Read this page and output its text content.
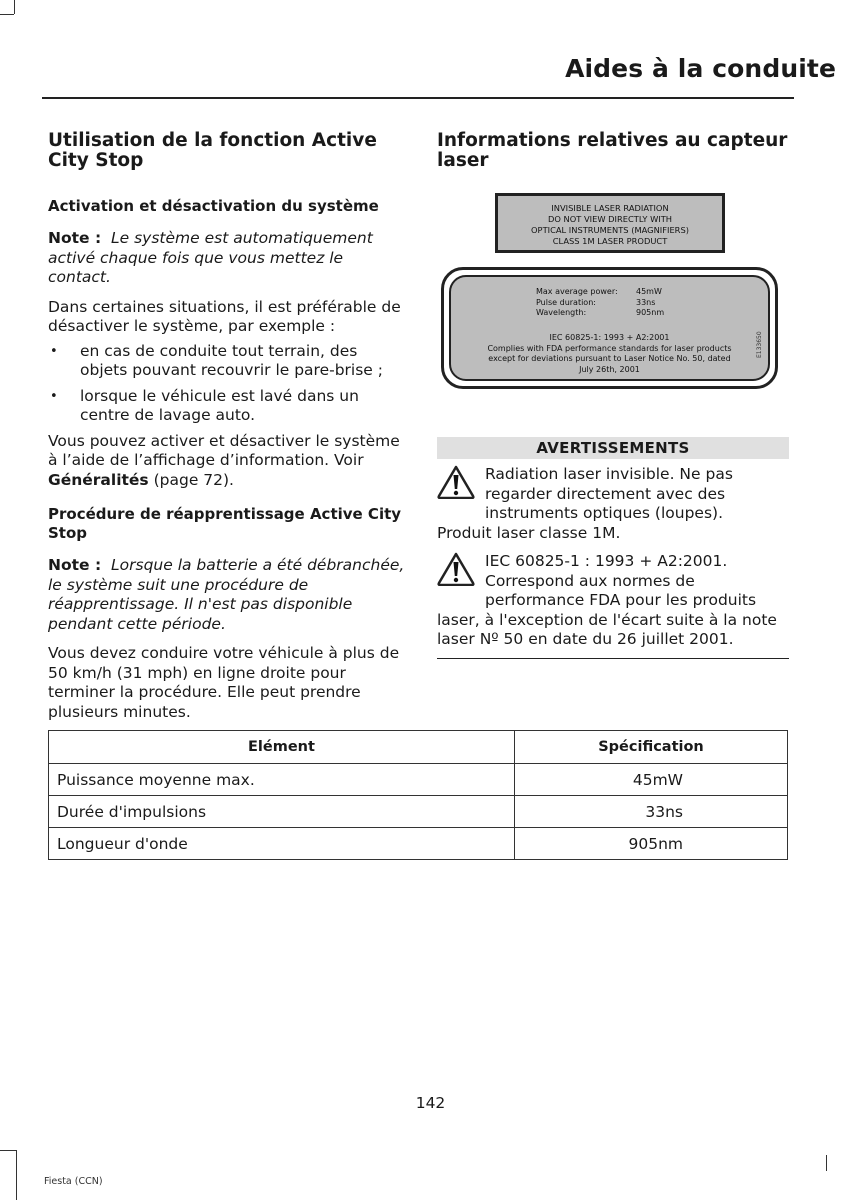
Aides à la conduite
Utilisation de la fonction Active City Stop
Activation et désactivation du système

Note : Le système est automatiquement activé chaque fois que vous mettez le contact.

Dans certaines situations, il est préférable de désactiver le système, par exemple :

• en cas de conduite tout terrain, des objets pouvant recouvrir le pare-brise ;
• lorsque le véhicule est lavé dans un centre de lavage auto.

Vous pouvez activer et désactiver le système à l’aide de l’affichage d’information. Voir Généralités (page 72).

Procédure de réapprentissage Active City Stop

Note : Lorsque la batterie a été débranchée, le système suit une procédure de réapprentissage. Il n'est pas disponible pendant cette période.

Vous devez conduire votre véhicule à plus de 50 km/h (31 mph) en ligne droite pour terminer la procédure. Elle peut prendre plusieurs minutes.

Informations relatives au capteur laser
INVISIBLE LASER RADIATION
DO NOT VIEW DIRECTLY WITH
OPTICAL INSTRUMENTS (MAGNIFIERS)
CLASS 1M LASER PRODUCT
Max average power:	45mW
Pulse duration:	33ns
Wavelength:	905nm
IEC 60825-1: 1993 + A2:2001
Complies with FDA performance standards for laser products
except for deviations pursuant to Laser Notice No. 50, dated
July 26th, 2001
E133650
AVERTISSEMENTS

Radiation laser invisible. Ne pas regarder directement avec des instruments optiques (loupes).
Produit laser classe 1M.

IEC 60825-1 : 1993 + A2:2001. Correspond aux normes de performance FDA pour les produits
laser, à l'exception de l'écart suite à la note laser Nº 50 en date du 26 juillet 2001.

Elément	Spécification
Puissance moyenne max.	45mW
Durée d'impulsions	33ns
Longueur d'onde	905nm
142
Fiesta (CCN)
